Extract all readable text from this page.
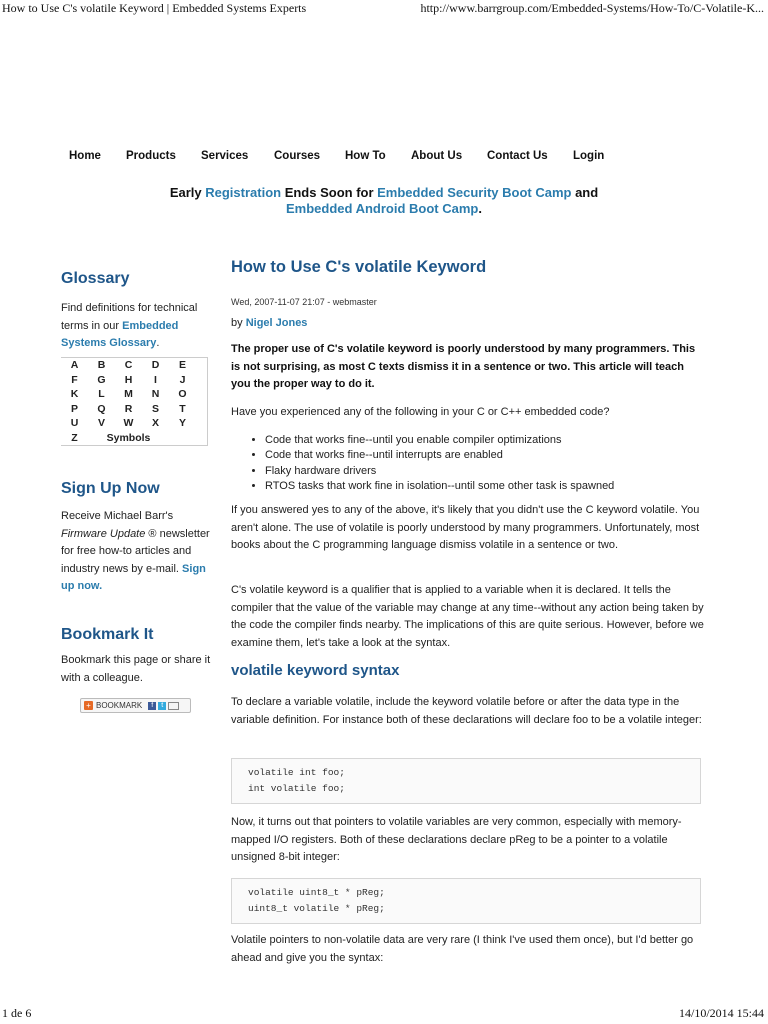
How to Use C's volatile Keyword | Embedded Systems Experts	http://www.barrgroup.com/Embedded-Systems/How-To/C-Volatile-K...
Home Products Services Courses How To About Us Contact Us Login
Early Registration Ends Soon for Embedded Security Boot Camp and
Embedded Android Boot Camp.
Glossary

Find definitions for technical terms in our Embedded Systems Glossary.

A	B	C	D	E
F	G	H	I	J
K	L	M	N	O
P	Q	R	S	T
U	V	W	X	Y
Z	Symbols
Sign Up Now

Receive Michael Barr's Firmware Update ® newsletter for free how-to articles and industry news by e-mail. Sign up now.

Bookmark It

Bookmark this page or share it with a colleague.

+ BOOKMARK	f	t
How to Use C's volatile Keyword
Wed, 2007-11-07 21:07 - webmaster
by Nigel Jones

The proper use of C's volatile keyword is poorly understood by many programmers. This is not surprising, as most C texts dismiss it in a sentence or two. This article will teach you the proper way to do it.

Have you experienced any of the following in your C or C++ embedded code?

• Code that works fine--until you enable compiler optimizations
• Code that works fine--until interrupts are enabled
• Flaky hardware drivers
• RTOS tasks that work fine in isolation--until some other task is spawned

If you answered yes to any of the above, it's likely that you didn't use the C keyword volatile. You aren't alone. The use of volatile is poorly understood by many programmers. Unfortunately, most books about the C programming language dismiss volatile in a sentence or two.

C's volatile keyword is a qualifier that is applied to a variable when it is declared. It tells the compiler that the value of the variable may change at any time--without any action being taken by the code the compiler finds nearby. The implications of this are quite serious. However, before we examine them, let's take a look at the syntax.

volatile keyword syntax

To declare a variable volatile, include the keyword volatile before or after the data type in the variable definition. For instance both of these declarations will declare foo to be a volatile integer:

volatile int foo;
int volatile foo;

Now, it turns out that pointers to volatile variables are very common, especially with memory-mapped I/O registers. Both of these declarations declare pReg to be a pointer to a volatile unsigned 8-bit integer:

volatile uint8_t * pReg;
uint8_t volatile * pReg;

Volatile pointers to non-volatile data are very rare (I think I've used them once), but I'd better go ahead and give you the syntax:

1 de 6	14/10/2014 15:44
